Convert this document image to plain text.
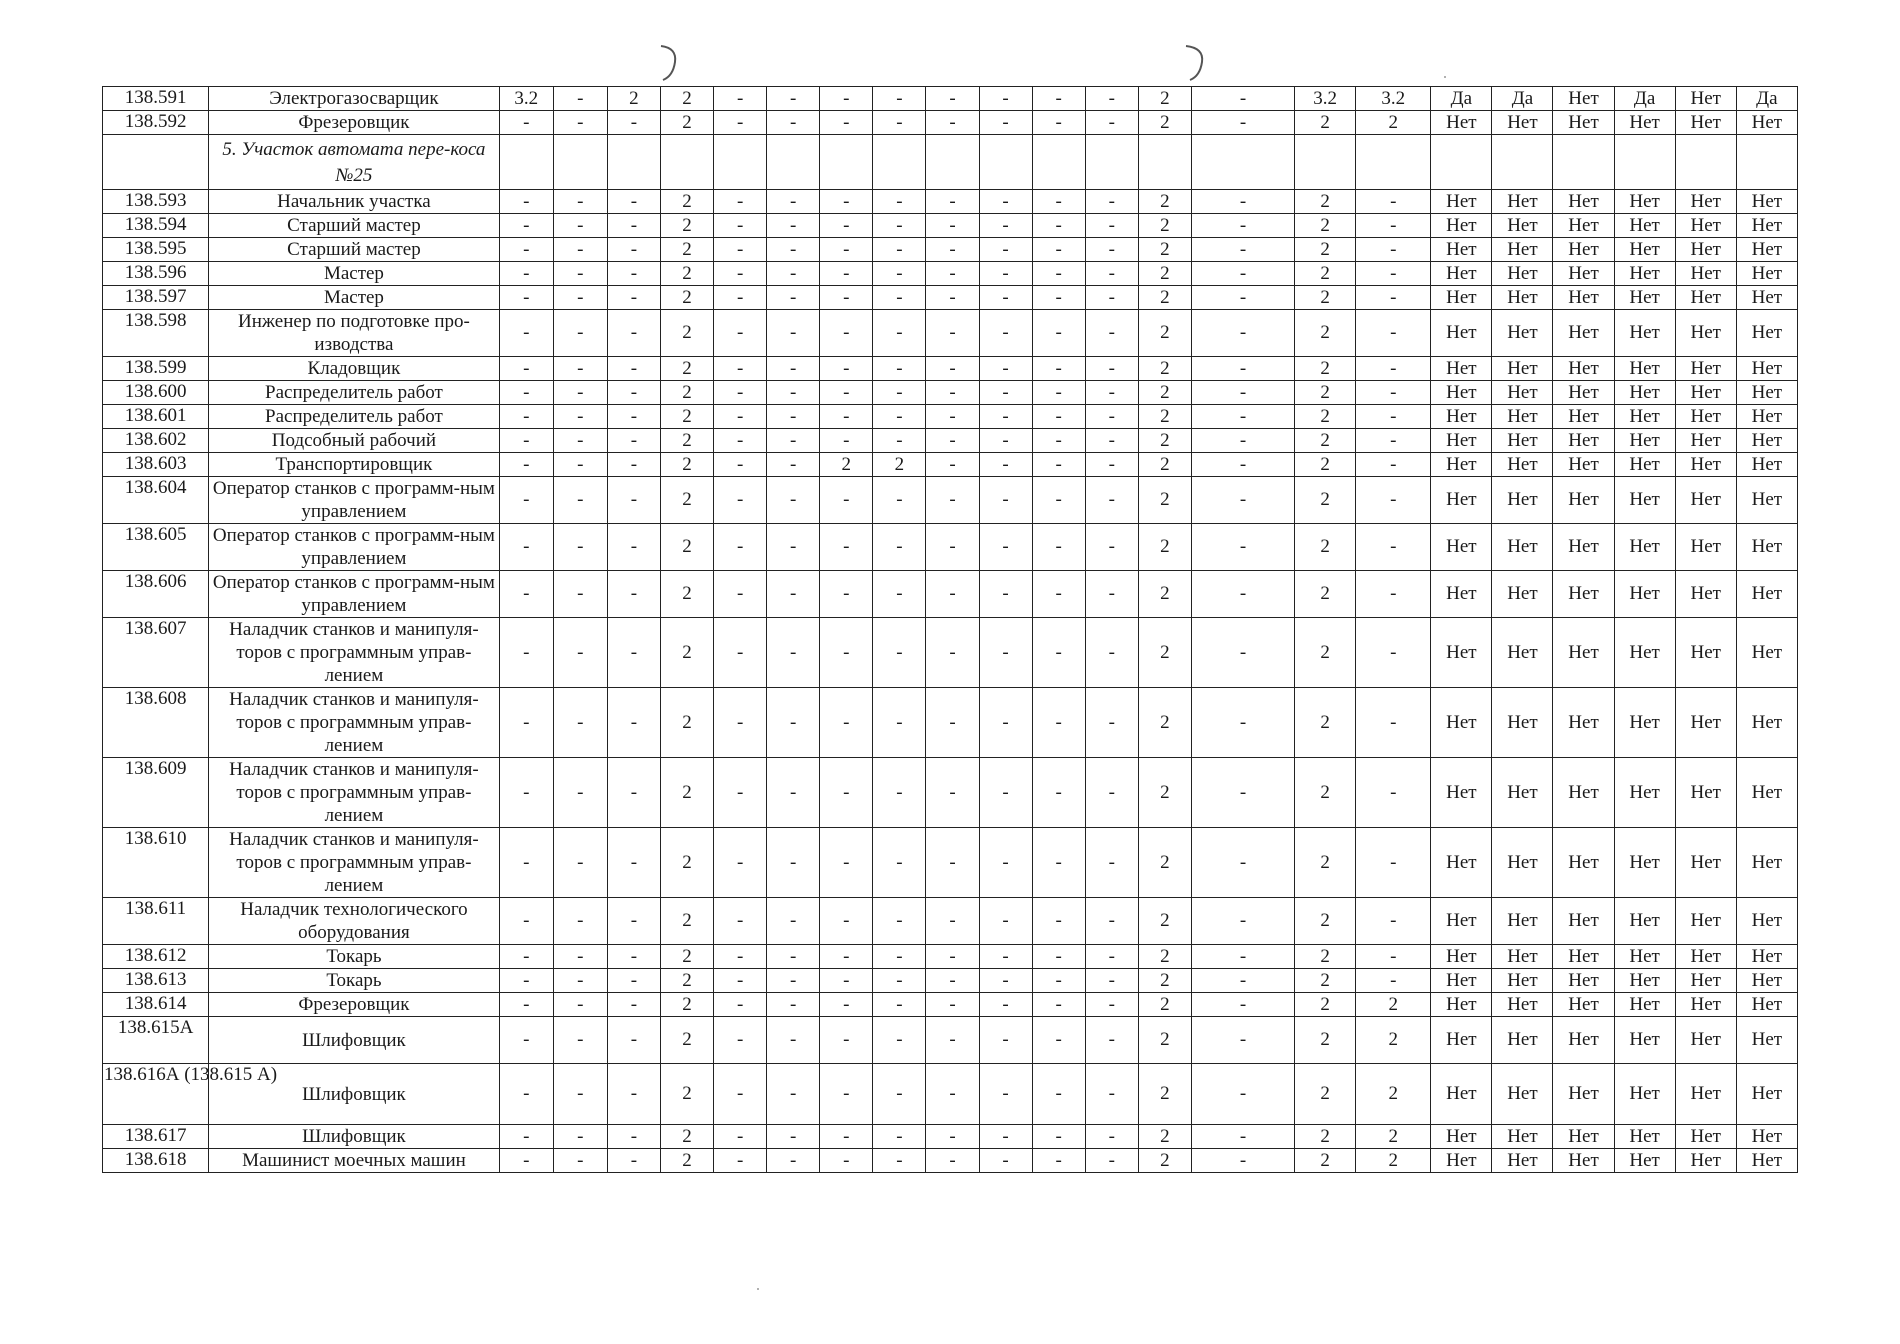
138.591	Электрогазосварщик	3.2	-	2	2	-	-	-	-	-	-	-	-	2	-	3.2	3.2	Да	Да	Нет	Да	Нет	Да
138.592	Фрезеровщик	-	-	-	2	-	-	-	-	-	-	-	-	2	-	2	2	Нет	Нет	Нет	Нет	Нет	Нет
	5. Участок автомата пере-коса №25																						
138.593	Начальник участка	-	-	-	2	-	-	-	-	-	-	-	-	2	-	2	-	Нет	Нет	Нет	Нет	Нет	Нет
138.594	Старший мастер	-	-	-	2	-	-	-	-	-	-	-	-	2	-	2	-	Нет	Нет	Нет	Нет	Нет	Нет
138.595	Старший мастер	-	-	-	2	-	-	-	-	-	-	-	-	2	-	2	-	Нет	Нет	Нет	Нет	Нет	Нет
138.596	Мастер	-	-	-	2	-	-	-	-	-	-	-	-	2	-	2	-	Нет	Нет	Нет	Нет	Нет	Нет
138.597	Мастер	-	-	-	2	-	-	-	-	-	-	-	-	2	-	2	-	Нет	Нет	Нет	Нет	Нет	Нет
138.598	Инженер по подготовке про-изводства	-	-	-	2	-	-	-	-	-	-	-	-	2	-	2	-	Нет	Нет	Нет	Нет	Нет	Нет
138.599	Кладовщик	-	-	-	2	-	-	-	-	-	-	-	-	2	-	2	-	Нет	Нет	Нет	Нет	Нет	Нет
138.600	Распределитель работ	-	-	-	2	-	-	-	-	-	-	-	-	2	-	2	-	Нет	Нет	Нет	Нет	Нет	Нет
138.601	Распределитель работ	-	-	-	2	-	-	-	-	-	-	-	-	2	-	2	-	Нет	Нет	Нет	Нет	Нет	Нет
138.602	Подсобный рабочий	-	-	-	2	-	-	-	-	-	-	-	-	2	-	2	-	Нет	Нет	Нет	Нет	Нет	Нет
138.603	Транспортировщик	-	-	-	2	-	-	2	2	-	-	-	-	2	-	2	-	Нет	Нет	Нет	Нет	Нет	Нет
138.604	Оператор станков с программ-ным управлением	-	-	-	2	-	-	-	-	-	-	-	-	2	-	2	-	Нет	Нет	Нет	Нет	Нет	Нет
138.605	Оператор станков с программ-ным управлением	-	-	-	2	-	-	-	-	-	-	-	-	2	-	2	-	Нет	Нет	Нет	Нет	Нет	Нет
138.606	Оператор станков с программ-ным управлением	-	-	-	2	-	-	-	-	-	-	-	-	2	-	2	-	Нет	Нет	Нет	Нет	Нет	Нет
138.607	Наладчик станков и манипуля-торов с программным управ-лением	-	-	-	2	-	-	-	-	-	-	-	-	2	-	2	-	Нет	Нет	Нет	Нет	Нет	Нет
138.608	Наладчик станков и манипуля-торов с программным управ-лением	-	-	-	2	-	-	-	-	-	-	-	-	2	-	2	-	Нет	Нет	Нет	Нет	Нет	Нет
138.609	Наладчик станков и манипуля-торов с программным управ-лением	-	-	-	2	-	-	-	-	-	-	-	-	2	-	2	-	Нет	Нет	Нет	Нет	Нет	Нет
138.610	Наладчик станков и манипуля-торов с программным управ-лением	-	-	-	2	-	-	-	-	-	-	-	-	2	-	2	-	Нет	Нет	Нет	Нет	Нет	Нет
138.611	Наладчик технологического оборудования	-	-	-	2	-	-	-	-	-	-	-	-	2	-	2	-	Нет	Нет	Нет	Нет	Нет	Нет
138.612	Токарь	-	-	-	2	-	-	-	-	-	-	-	-	2	-	2	-	Нет	Нет	Нет	Нет	Нет	Нет
138.613	Токарь	-	-	-	2	-	-	-	-	-	-	-	-	2	-	2	-	Нет	Нет	Нет	Нет	Нет	Нет
138.614	Фрезеровщик	-	-	-	2	-	-	-	-	-	-	-	-	2	-	2	2	Нет	Нет	Нет	Нет	Нет	Нет
138.615А	Шлифовщик	-	-	-	2	-	-	-	-	-	-	-	-	2	-	2	2	Нет	Нет	Нет	Нет	Нет	Нет
138.616А (138.615 А)	Шлифовщик	-	-	-	2	-	-	-	-	-	-	-	-	2	-	2	2	Нет	Нет	Нет	Нет	Нет	Нет
138.617	Шлифовщик	-	-	-	2	-	-	-	-	-	-	-	-	2	-	2	2	Нет	Нет	Нет	Нет	Нет	Нет
138.618	Машинист моечных машин	-	-	-	2	-	-	-	-	-	-	-	-	2	-	2	2	Нет	Нет	Нет	Нет	Нет	Нет
